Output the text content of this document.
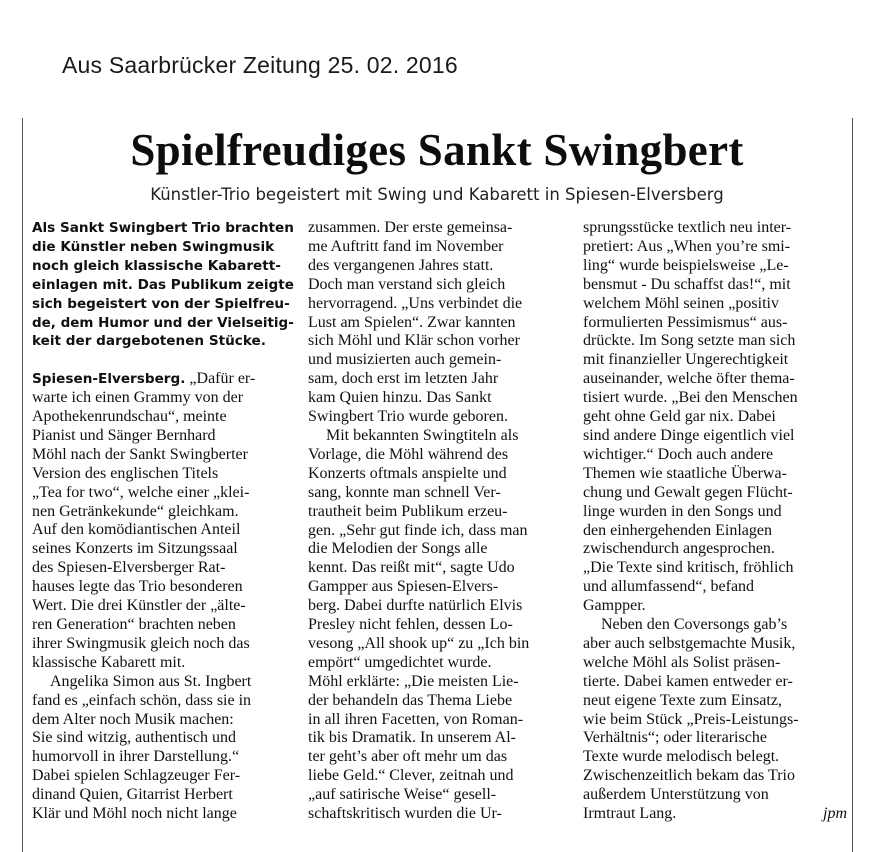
Aus Saarbrücker Zeitung 25. 02. 2016
Spielfreudiges Sankt Swingbert
Künstler-Trio begeistert mit Swing und Kabarett in Spiesen-Elversberg
Als Sankt Swingbert Trio brachten
die Künstler neben Swingmusik
noch gleich klassische Kabarett-
einlagen mit. Das Publikum zeigte
sich begeistert von der Spielfreu-
de, dem Humor und der Vielseitig-
keit der dargebotenen Stücke.
Spiesen-Elversberg. „Dafür er-
warte ich einen Grammy von der
Apothekenrundschau“, meinte
Pianist und Sänger Bernhard
Möhl nach der Sankt Swingberter
Version des englischen Titels
„Tea for two“, welche einer „klei-
nen Getränkekunde“ gleichkam.
Auf den komödiantischen Anteil
seines Konzerts im Sitzungssaal
des Spiesen-Elversberger Rat-
hauses legte das Trio besonderen
Wert. Die drei Künstler der „älte-
ren Generation“ brachten neben
ihrer Swingmusik gleich noch das
klassische Kabarett mit.
Angelika Simon aus St. Ingbert
fand es „einfach schön, dass sie in
dem Alter noch Musik machen:
Sie sind witzig, authentisch und
humorvoll in ihrer Darstellung.“
Dabei spielen Schlagzeuger Fer-
dinand Quien, Gitarrist Herbert
Klär und Möhl noch nicht lange
zusammen. Der erste gemeinsa-
me Auftritt fand im November
des vergangenen Jahres statt.
Doch man verstand sich gleich
hervorragend. „Uns verbindet die
Lust am Spielen“. Zwar kannten
sich Möhl und Klär schon vorher
und musizierten auch gemein-
sam, doch erst im letzten Jahr
kam Quien hinzu. Das Sankt
Swingbert Trio wurde geboren.
Mit bekannten Swingtiteln als
Vorlage, die Möhl während des
Konzerts oftmals anspielte und
sang, konnte man schnell Ver-
trautheit beim Publikum erzeu-
gen. „Sehr gut finde ich, dass man
die Melodien der Songs alle
kennt. Das reißt mit“, sagte Udo
Gampper aus Spiesen-Elvers-
berg. Dabei durfte natürlich Elvis
Presley nicht fehlen, dessen Lo-
vesong „All shook up“ zu „Ich bin
empört“ umgedichtet wurde.
Möhl erklärte: „Die meisten Lie-
der behandeln das Thema Liebe
in all ihren Facetten, von Roman-
tik bis Dramatik. In unserem Al-
ter geht’s aber oft mehr um das
liebe Geld.“ Clever, zeitnah und
„auf satirische Weise“ gesell-
schaftskritisch wurden die Ur-
sprungsstücke textlich neu inter-
pretiert: Aus „When you’re smi-
ling“ wurde beispielsweise „Le-
bensmut - Du schaffst das!“, mit
welchem Möhl seinen „positiv
formulierten Pessimismus“ aus-
drückte. Im Song setzte man sich
mit finanzieller Ungerechtigkeit
auseinander, welche öfter thema-
tisiert wurde. „Bei den Menschen
geht ohne Geld gar nix. Dabei
sind andere Dinge eigentlich viel
wichtiger.“ Doch auch andere
Themen wie staatliche Überwa-
chung und Gewalt gegen Flücht-
linge wurden in den Songs und
den einhergehenden Einlagen
zwischendurch angesprochen.
„Die Texte sind kritisch, fröhlich
und allumfassend“, befand
Gampper.
Neben den Coversongs gab’s
aber auch selbstgemachte Musik,
welche Möhl als Solist präsen-
tierte. Dabei kamen entweder er-
neut eigene Texte zum Einsatz,
wie beim Stück „Preis-Leistungs-
Verhältnis“; oder literarische
Texte wurde melodisch belegt.
Zwischenzeitlich bekam das Trio
außerdem Unterstützung von
Irmtraut Lang.	jpm
